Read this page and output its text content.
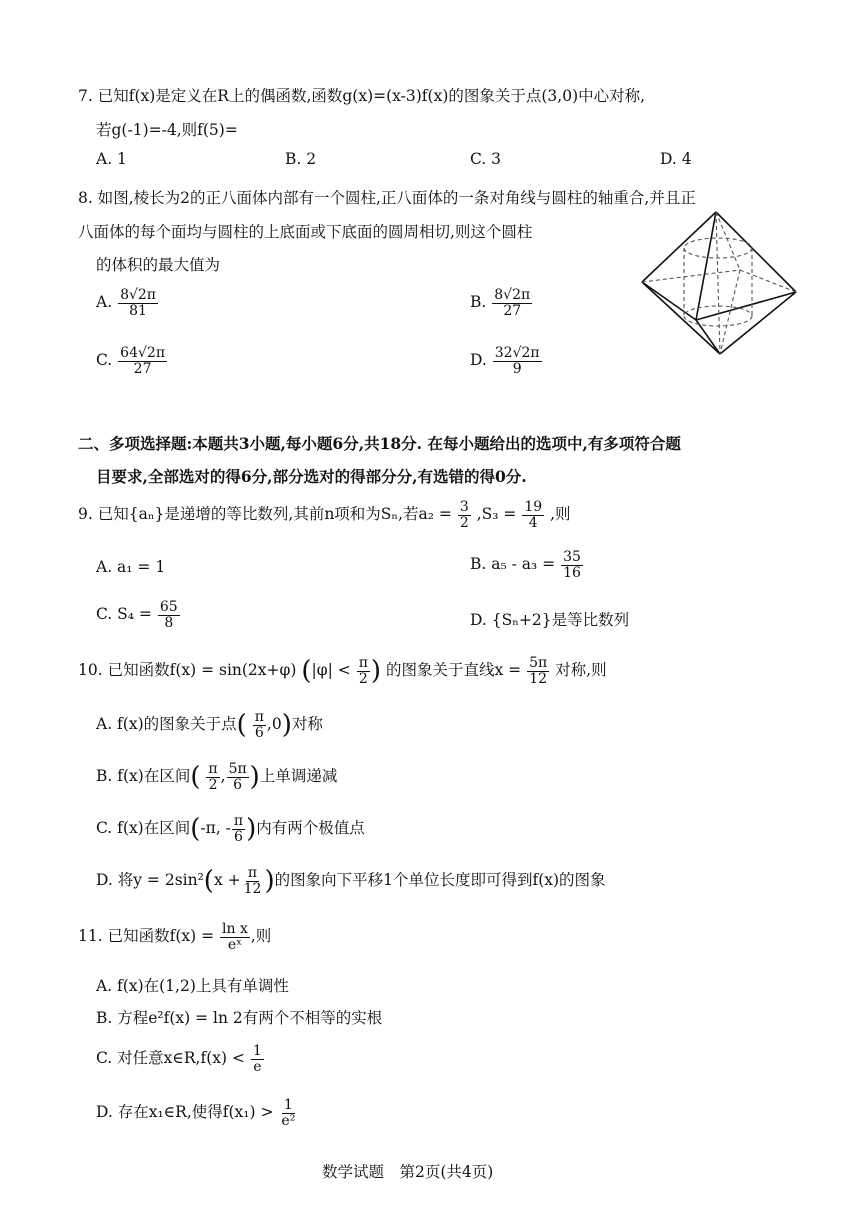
7. 已知f(x)是定义在R上的偶函数,函数g(x)=(x-3)f(x)的图象关于点(3,0)中心对称,
若g(-1)=-4,则f(5)=
A. 1	B. 2	C. 3	D. 4
8. 如图,棱长为2的正八面体内部有一个圆柱,正八面体的一条对角线与圆柱的轴重合,并且正
八面体的每个面均与圆柱的上底面或下底面的圆周相切,则这个圆柱
的体积的最大值为
A. $\frac{8√2\pi}{81}$	B. $\frac{8√2\pi}{27}$
C. $\frac{64√2\pi}{27}$	D. $\frac{32√2\pi}{9}$
二、多项选择题:本题共3小题,每小题6分,共18分. 在每小题给出的选项中,有多项符合题
目要求,全部选对的得6分,部分选对的得部分分,有选错的得0分.
9. 已知{aₙ}是递增的等比数列,其前n项和为Sₙ,若$a_2 = \frac{3}{2} ,S_3 = \frac{19}{4}$ ,则
A. a₁ = 1	B. $a_5 - a_3 = \frac{35}{16}$
C. $S_4 = \frac{65}{8}$	D. {Sₙ+2}是等比数列
10. 已知函数f(x) = sin(2x+φ) ($|\varphi| < \frac{\pi}{2}$ ) 的图象关于直线$x = \frac{5\pi}{12}$ 对称,则
A. f(x)的图象关于点( $\frac{\pi}{6} ,0$)对称
B. f(x)在区间( $\frac{\pi}{2}$ , $\frac{5\pi}{6}$ )上单调递减
C. f(x)在区间(-π, - $\frac{\pi}{6}$ )内有两个极值点
D. 将$y = 2\sin^2(x + \frac{\pi}{12}$ )的图象向下平移1个单位长度即可得到f(x)的图象
11. 已知函数$f(x) = \frac{\text{ln x}}{\text{eˣ}}$ ,则
A. f(x)在(1,2)上具有单调性
B. 方程e²f(x) = ln 2有两个不相等的实根
C. 对任意x∈R,f(x) < $\frac{1}{e}$
D. 存在x₁∈R,使得$f(x_1) > \frac{1}{\text{e²}}$
数学试题　第2页(共4页)
